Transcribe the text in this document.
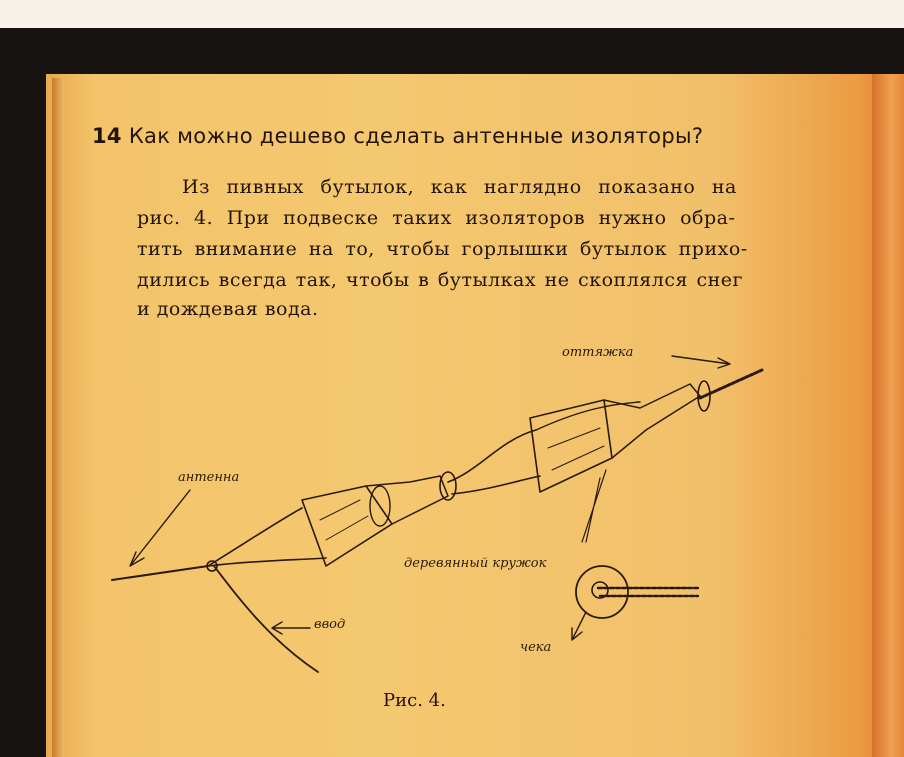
14 Как можно дешево сделать антенные изоляторы?
Из пивных бутылок, как наглядно показано на
рис. 4. При подвеске таких изоляторов нужно обра-
тить внимание на то, чтобы горлышки бутылок прихо-
дились всегда так, чтобы в бутылках не скоплялся снег
и дождевая вода.
оттяжка
антенна
деревянный кружок
ввод
чека
Рис. 4.
